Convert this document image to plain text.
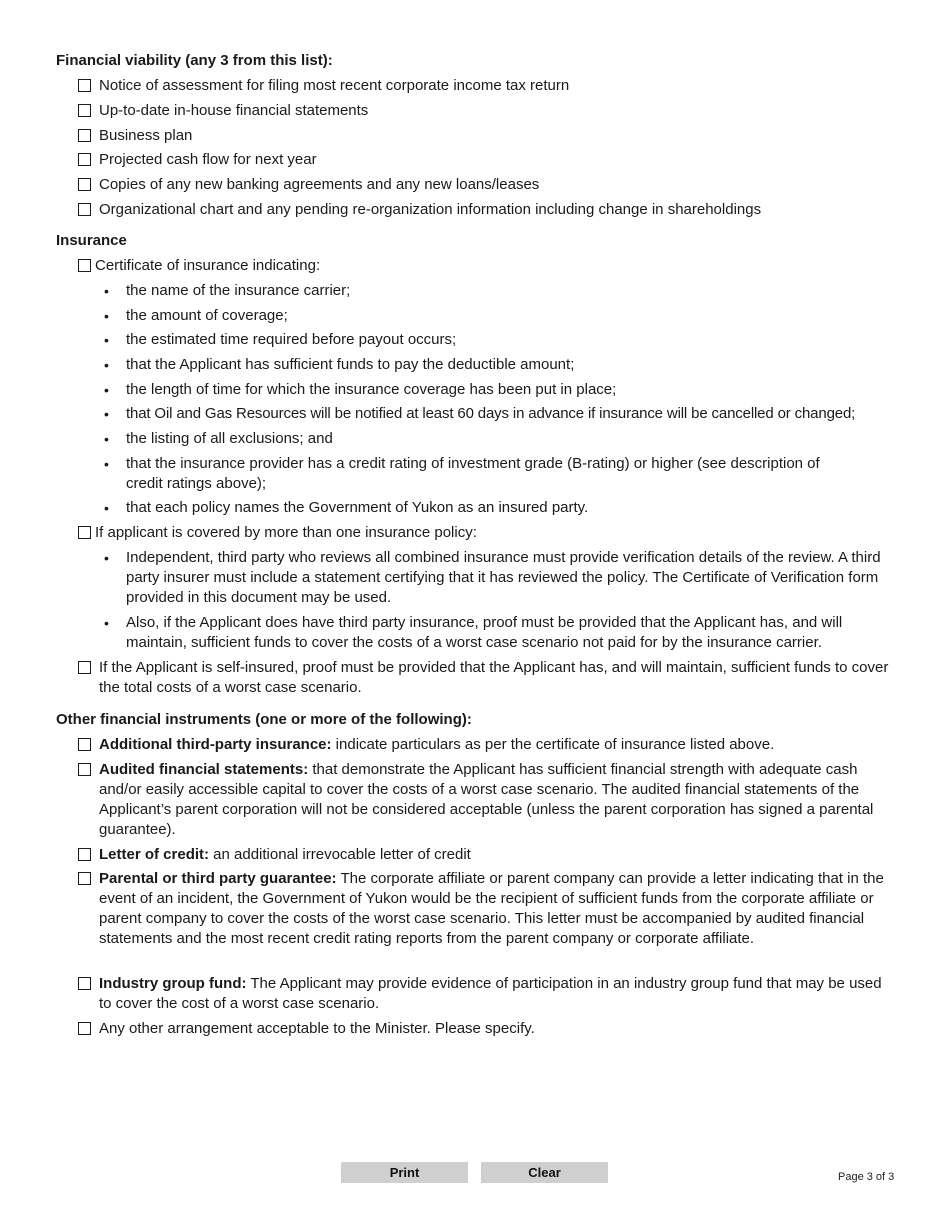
Financial viability (any 3 from this list):
Notice of assessment for filing most recent corporate income tax return
Up-to-date in-house financial statements
Business plan
Projected cash flow for next year
Copies of any new banking agreements and any new loans/leases
Organizational chart and any pending re-organization information including change in shareholdings
Insurance
Certificate of insurance indicating:
•	the name of the insurance carrier;
•	the amount of coverage;
•	the estimated time required before payout occurs;
•	that the Applicant has sufficient funds to pay the deductible amount;
•	the length of time for which the insurance coverage has been put in place;
•	that Oil and Gas Resources will be notified at least 60 days in advance if insurance will be cancelled or changed;
•	the listing of all exclusions; and
•	that the insurance provider has a credit rating of investment grade (B-rating) or higher (see description of credit ratings above);
•	that each policy names the Government of Yukon as an insured party.
If applicant is covered by more than one insurance policy:
•	Independent, third party who reviews all combined insurance must provide verification details of the review. A third party insurer must include a statement certifying that it has reviewed the policy. The Certificate of Verification form provided in this document may be used.
•	Also, if the Applicant does have third party insurance, proof must be provided that the Applicant has, and will maintain, sufficient funds to cover the costs of a worst case scenario not paid for by the insurance carrier.
If the Applicant is self-insured, proof must be provided that the Applicant has, and will maintain, sufficient funds to cover the total costs of a worst case scenario.
Other financial instruments (one or more of the following):
Additional third-party insurance: indicate particulars as per the certificate of insurance listed above.
Audited financial statements: that demonstrate the Applicant has sufficient financial strength with adequate cash and/or easily accessible capital to cover the costs of a worst case scenario. The audited financial statements of the Applicant’s parent corporation will not be considered acceptable (unless the parent corporation has signed a parental guarantee).
Letter of credit: an additional irrevocable letter of credit
Parental or third party guarantee: The corporate affiliate or parent company can provide a letter indicating that in the event of an incident, the Government of Yukon would be the recipient of sufficient funds from the corporate affiliate or parent company to cover the costs of the worst case scenario. This letter must be accompanied by audited financial statements and the most recent credit rating reports from the parent company or corporate affiliate.
Industry group fund: The Applicant may provide evidence of participation in an industry group fund that may be used to cover the cost of a worst case scenario.
Any other arrangement acceptable to the Minister. Please specify.
Print	Clear	Page 3 of 3
